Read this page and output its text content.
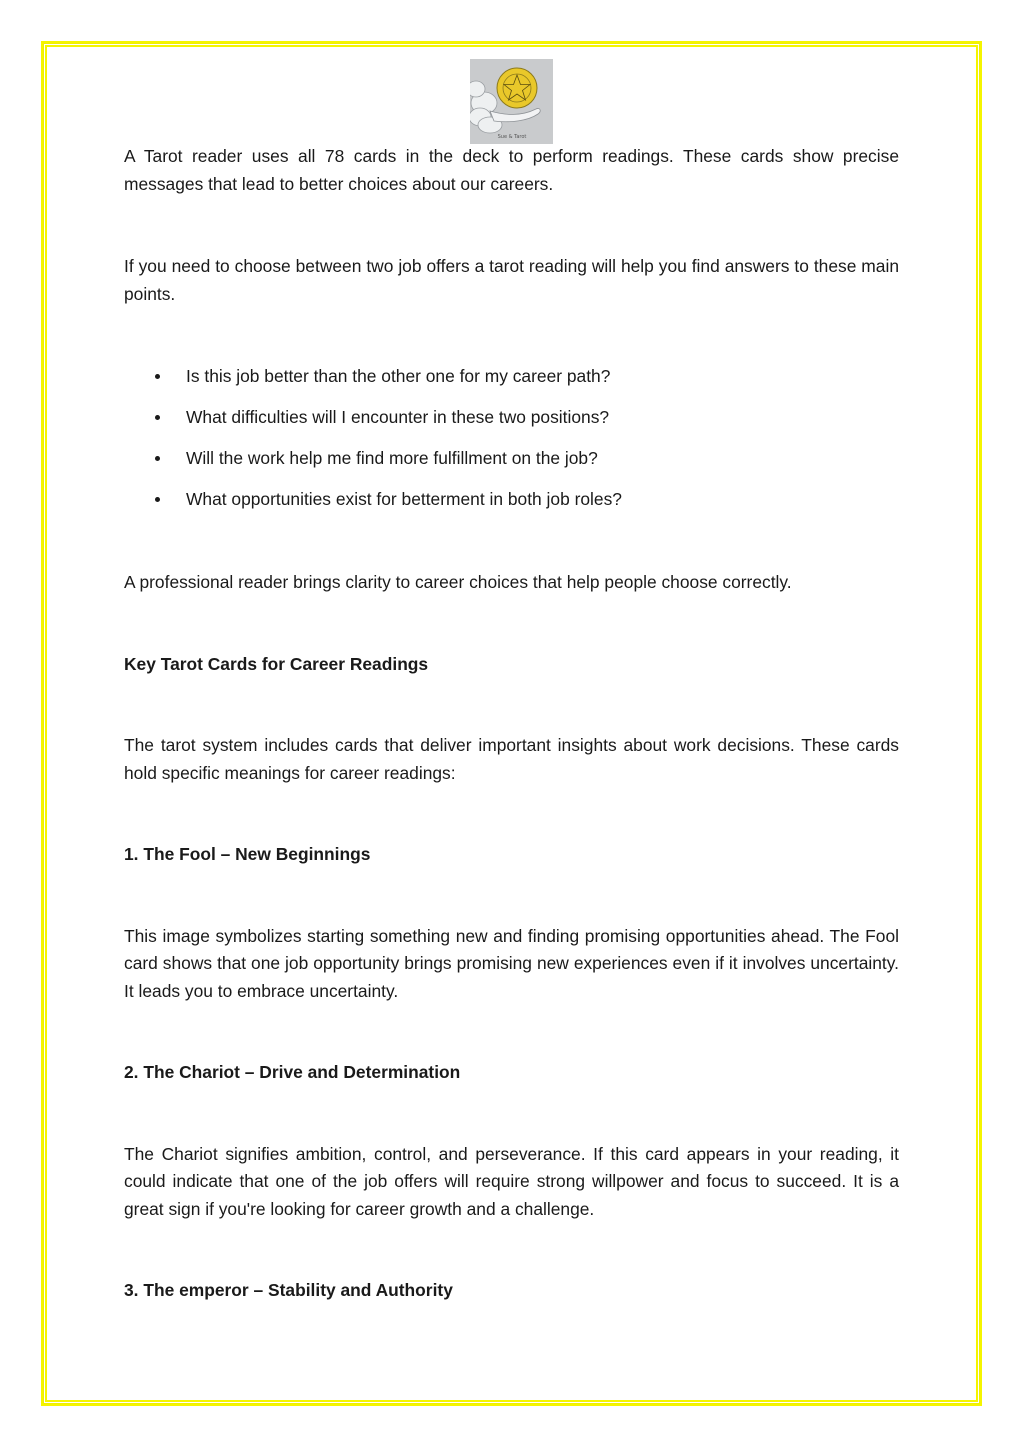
Sue & Tarot

A Tarot reader uses all 78 cards in the deck to perform readings. These cards show precise messages that lead to better choices about our careers.

If you need to choose between two job offers a tarot reading will help you find answers to these main points.

Is this job better than the other one for my career path?
What difficulties will I encounter in these two positions?
Will the work help me find more fulfillment on the job?
What opportunities exist for betterment in both job roles?

A professional reader brings clarity to career choices that help people choose correctly.

Key Tarot Cards for Career Readings

The tarot system includes cards that deliver important insights about work decisions. These cards hold specific meanings for career readings:

1. The Fool – New Beginnings

This image symbolizes starting something new and finding promising opportunities ahead. The Fool card shows that one job opportunity brings promising new experiences even if it involves uncertainty. It leads you to embrace uncertainty.

2. The Chariot – Drive and Determination

The Chariot signifies ambition, control, and perseverance. If this card appears in your reading, it could indicate that one of the job offers will require strong willpower and focus to succeed. It is a great sign if you're looking for career growth and a challenge.

3. The emperor – Stability and Authority
